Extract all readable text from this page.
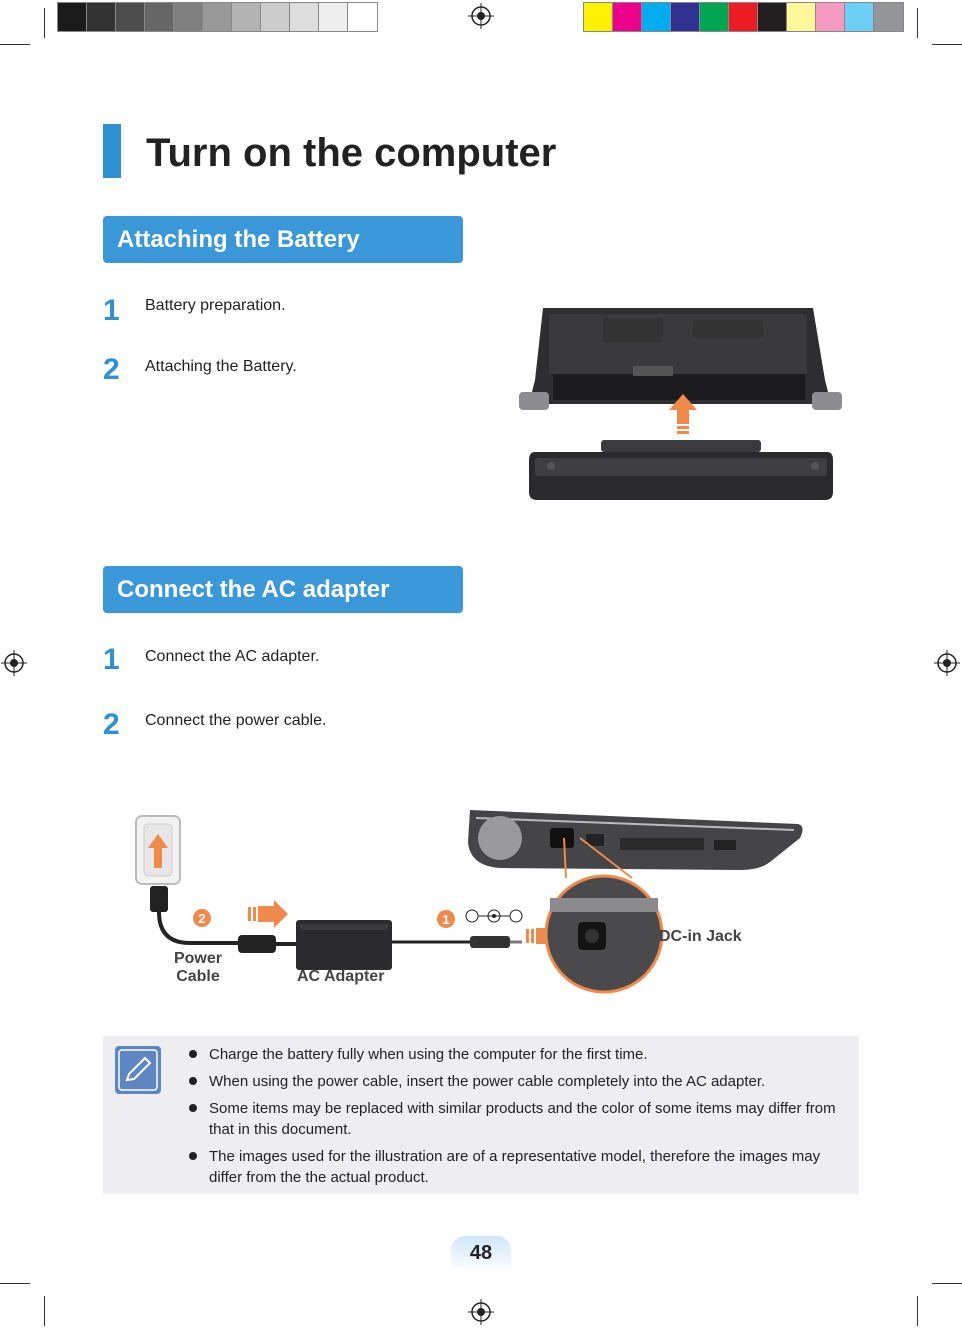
Turn on the computer
Attaching the Battery
1 Battery preparation.
2 Attaching the Battery.
Connect the AC adapter
1 Connect the AC adapter.
2 Connect the power cable.
2	1
Power
Cable	AC Adapter
DC-in Jack
Charge the battery fully when using the computer for the first time.
When using the power cable, insert the power cable completely into the AC adapter.
Some items may be replaced with similar products and the color of some items may differ from that in this document.
The images used for the illustration are of a representative model, therefore the images may differ from the the actual product.
48
